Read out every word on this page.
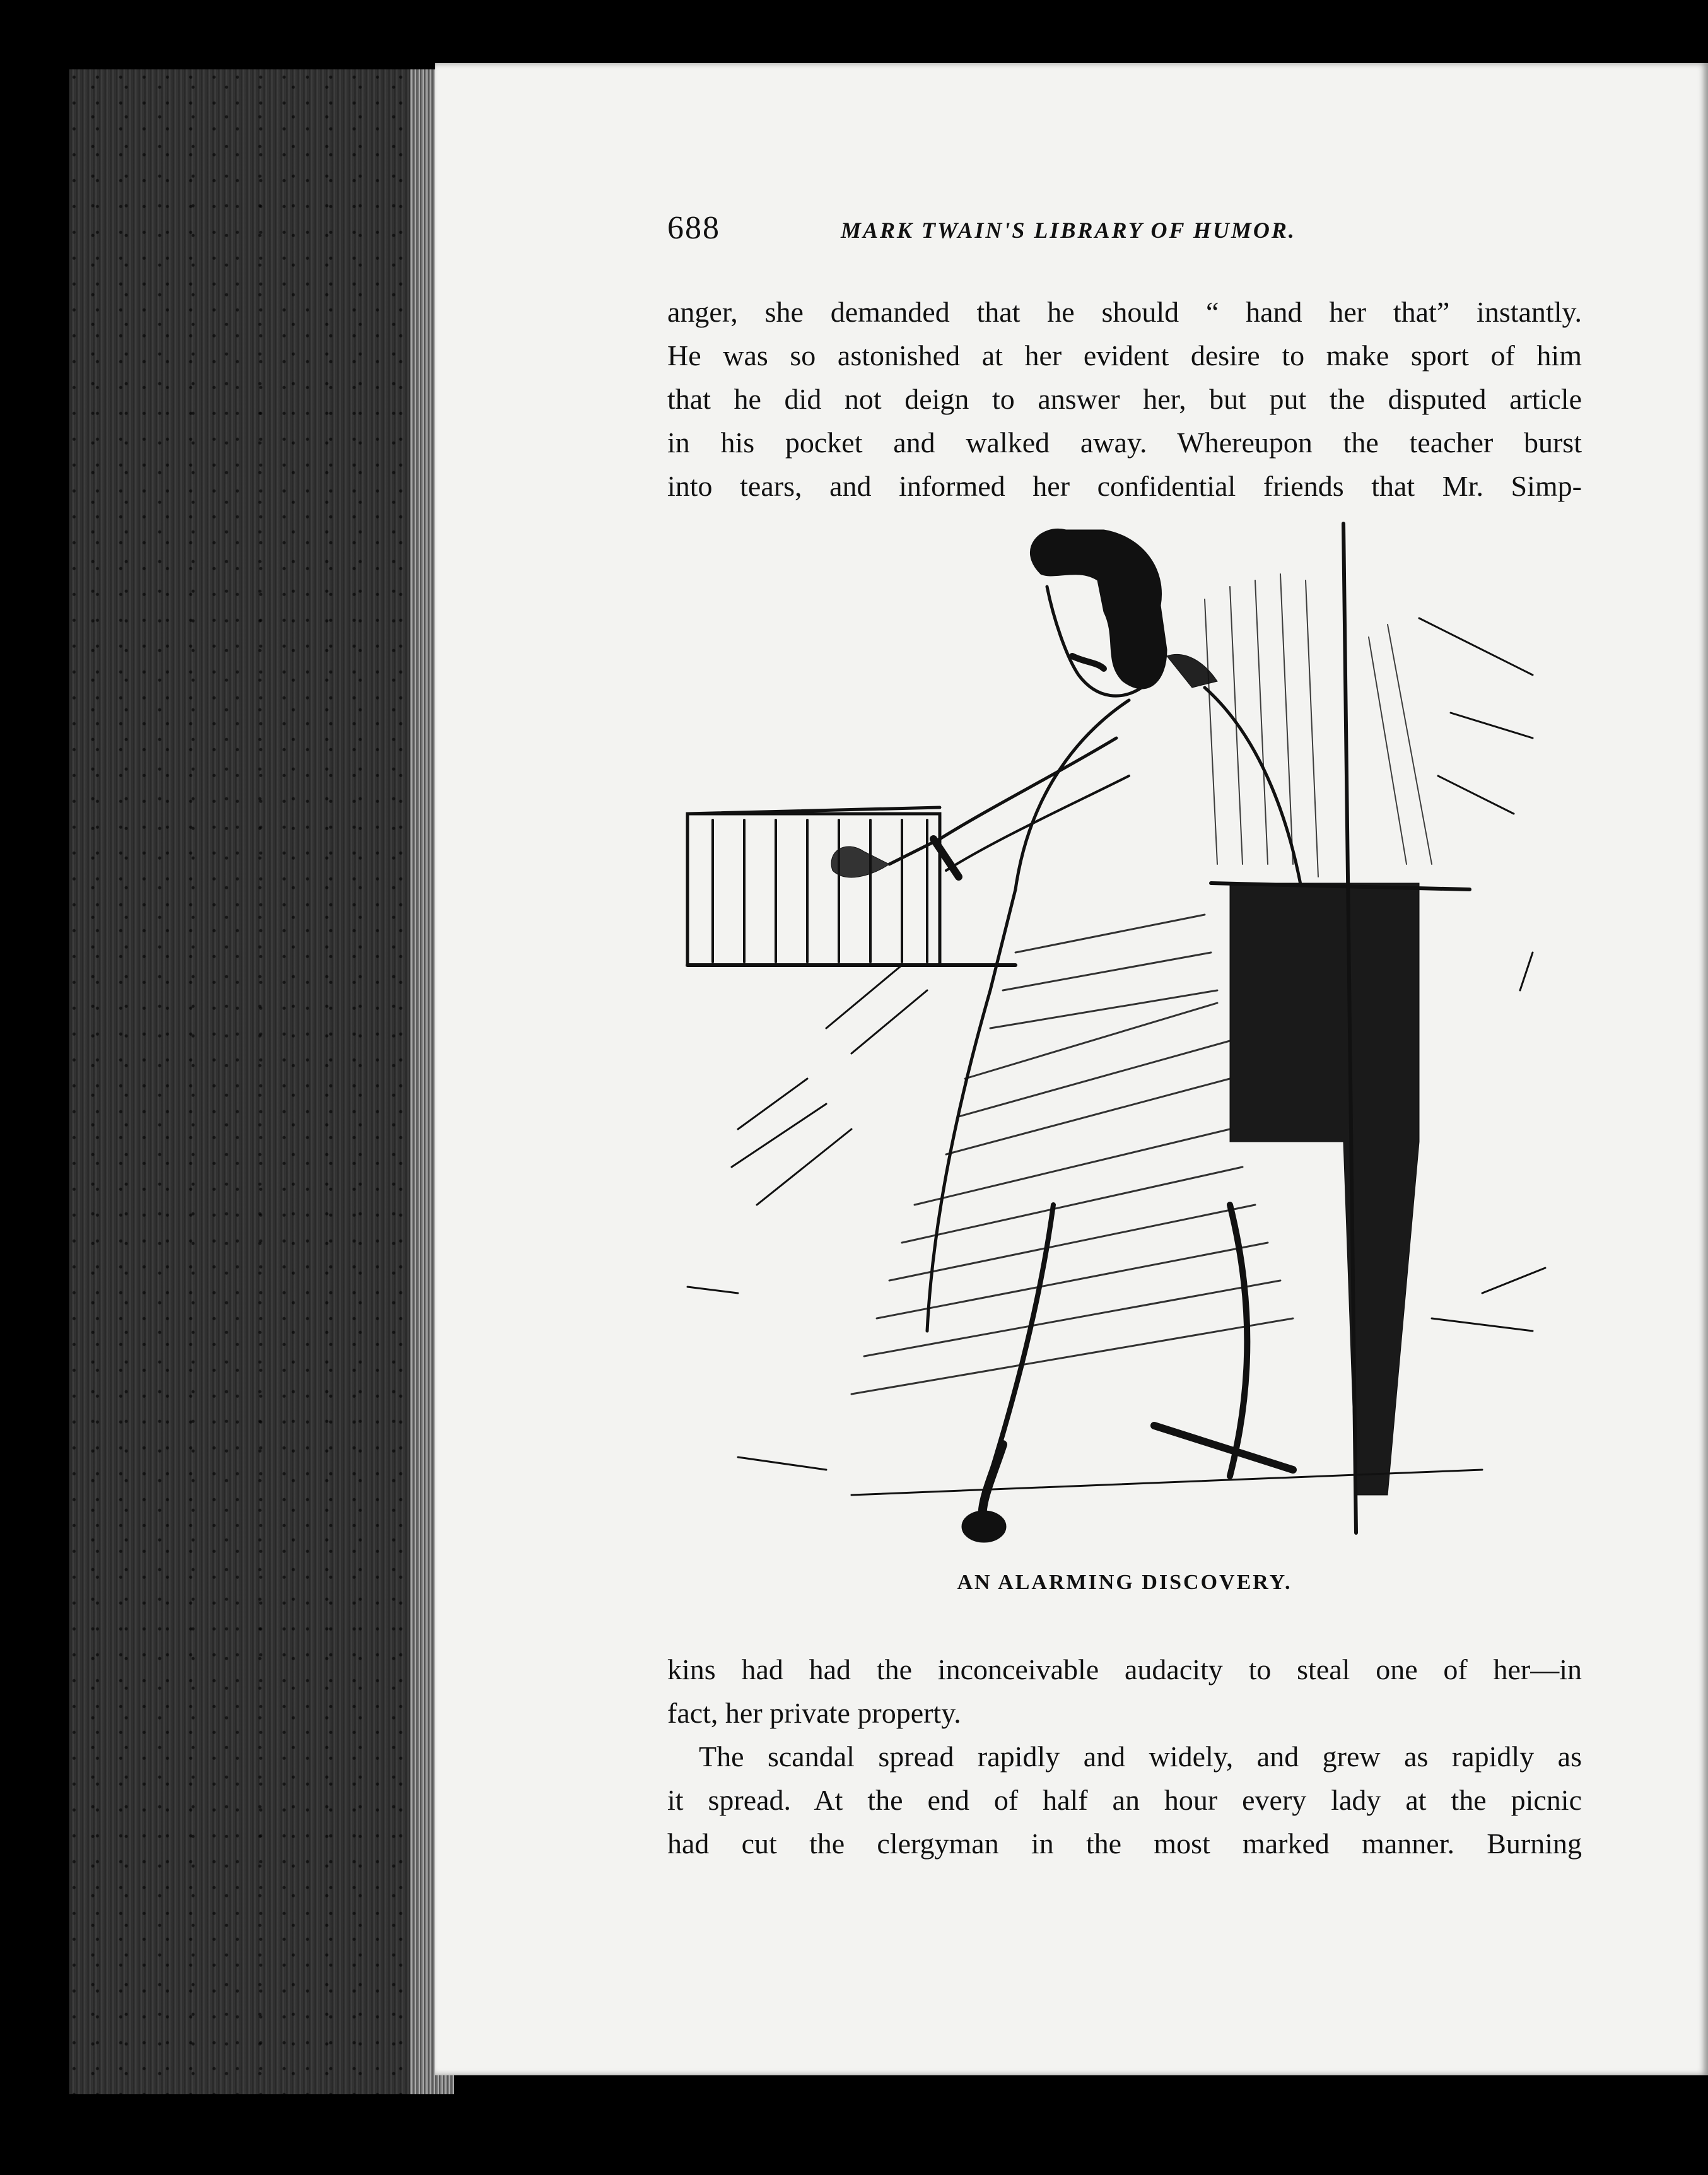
688	MARK TWAIN'S LIBRARY OF HUMOR.

anger, she demanded that he should “ hand her that” instantly.

He was so astonished at her evident desire to make sport of him

that he did not deign to answer her, but put the disputed article

in his pocket and walked away. Whereupon the teacher burst

into tears, and informed her confidential friends that Mr. Simp-

AN ALARMING DISCOVERY.

kins had had the inconceivable audacity to steal one of her—in

fact, her private property.

The scandal spread rapidly and widely, and grew as rapidly as

it spread. At the end of half an hour every lady at the picnic

had cut the clergyman in the most marked manner. Burning
